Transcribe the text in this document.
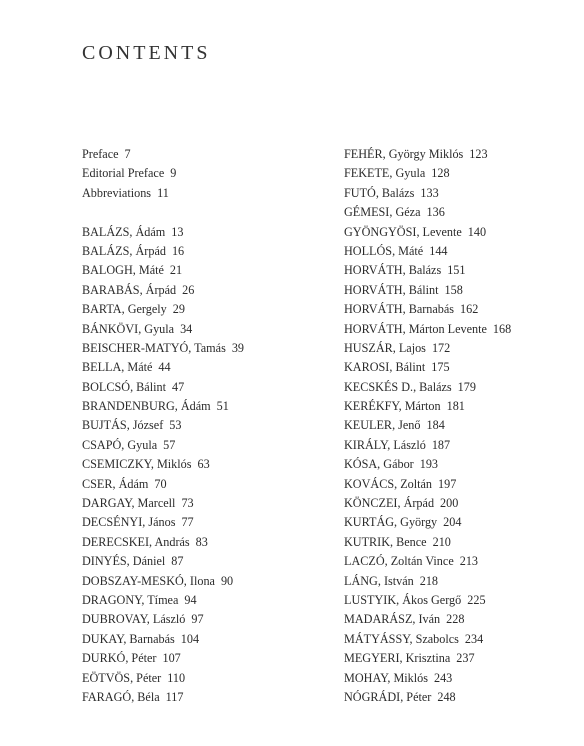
CONTENTS
Preface 7
Editorial Preface 9
Abbreviations 11
BALÁZS, Ádám 13
BALÁZS, Árpád 16
BALOGH, Máté 21
BARABÁS, Árpád 26
BARTA, Gergely 29
BÁNKÖVI, Gyula 34
BEISCHER-MATYÓ, Tamás 39
BELLA, Máté 44
BOLCSÓ, Bálint 47
BRANDENBURG, Ádám 51
BUJTÁS, József 53
CSAPÓ, Gyula 57
CSEMICZKY, Miklós 63
CSER, Ádám 70
DARGAY, Marcell 73
DECSÉNYI, János 77
DERECSKEI, András 83
DINYÉS, Dániel 87
DOBSZAY-MESKÓ, Ilona 90
DRAGONY, Tímea 94
DUBROVAY, László 97
DUKAY, Barnabás 104
DURKÓ, Péter 107
EÖTVÖS, Péter 110
FARAGÓ, Béla 117
FEHÉR, György Miklós 123
FEKETE, Gyula 128
FUTÓ, Balázs 133
GÉMESI, Géza 136
GYÖNGYÖSI, Levente 140
HOLLÓS, Máté 144
HORVÁTH, Balázs 151
HORVÁTH, Bálint 158
HORVÁTH, Barnabás 162
HORVÁTH, Márton Levente 168
HUSZÁR, Lajos 172
KAROSI, Bálint 175
KECSKÉS D., Balázs 179
KERÉKFY, Márton 181
KEULER, Jenő 184
KIRÁLY, László 187
KÓSA, Gábor 193
KOVÁCS, Zoltán 197
KÖNCZEI, Árpád 200
KURTÁG, György 204
KUTRIK, Bence 210
LACZÓ, Zoltán Vince 213
LÁNG, István 218
LUSTYIK, Ákos Gergő 225
MADARÁSZ, Iván 228
MÁTYÁSSY, Szabolcs 234
MEGYERI, Krisztina 237
MOHAY, Miklós 243
NÓGRÁDI, Péter 248
